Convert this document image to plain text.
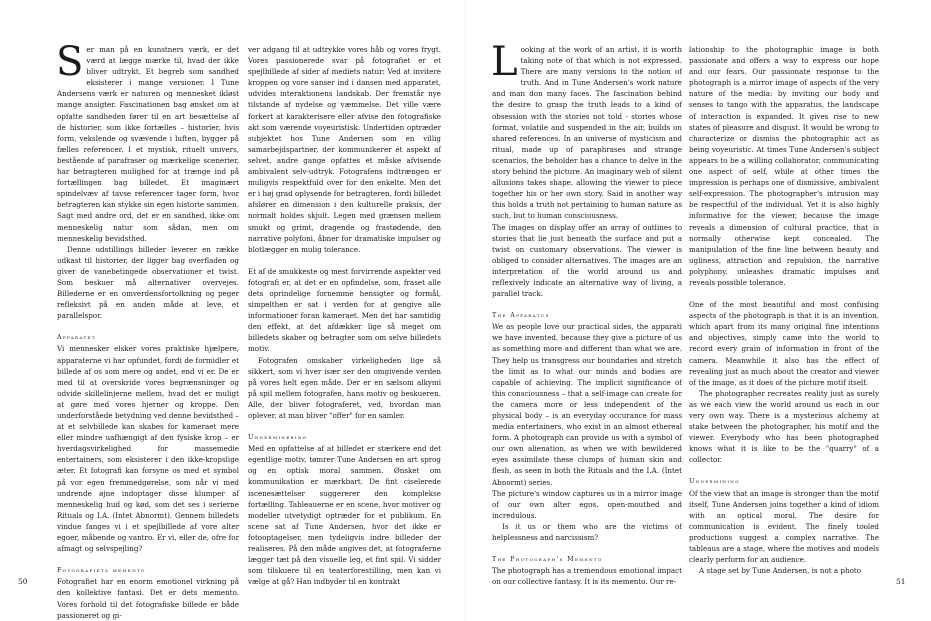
Ser man på en kunstners værk, er det værd at lægge mærke til, hvad der ikke bliver udtrykt. Et begreb som sandhed eksisterer i mange versioner. I Tune Andersens værk er naturen og mennesket ikløst mange ansigter. Fascinationen bag ønsket om at opfatte sandheden fører til en art besættelse af de historier, som ikke fortælles – historier, hvis form, vekslende og svævende i luften, bygger på fælles referencer. I et mystisk, rituelt univers, bestående af parafraser og mærkelige scenerier, har betragteren mulighed for at trænge ind på fortællingen bag billedet. Et imaginært spindelvæv af tavse referencer tager form, hvor betragteren kan stykke sin egen historie sammen. Sagt med andre ord, det er en sandhed, ikke om menneskelig natur som sådan, men om menneskelig bevidsthed.

Denne udstillings billeder leverer en række udkast til historier, der ligger bag overfladen og giver de vanebetingede observationer et twist. Som beskuer må alternativer overvejes. Billederne er en omverdensfortolkning og peger refleksivt på en anden måde at leve, et parallelspor.

Apparatet

Vi mennesker elsker vores praktiske hjælpere, apparaterne vi har opfundet, fordi de formidler et billede af os som mere og andet, end vi er. De er med til at overskride vores begrænsninger og udvide skillelinjerne mellem, hvad det er muligt at gøre med vores hjerner og kroppe. Den underforståede betydning ved denne bevidsthed – at et selvbillede kan skabes for kameraet mere eller mindre uafhængigt af den fysiske krop – er hverdagsvirkelighed for massemedie entertainers, som eksisterer i den ikke-kropslige æter. Et fotografi kan forsyne os med et symbol på vor egen fremmedgørelse, som når vi med undrende øjne indoptager disse klumper af menneskelig hud og kød, som det ses i serierne Rituals og I.A. (Intet Abnormt). Gennem billedets vindue fanges vi i et spejlbillede af vore alter egoer, måbende og vantro. Er vi, eller de, ofre for afmagt og selvspejling?

Fotografiets memento

Fotografiet har en enorm emotionel virkning på den kollektive fantasi. Det er dets memento. Vores forhold til det fotografiske billede er både passioneret og gi-

ver adgang til at udtrykke vores håb og vores frygt. Vores passionerede svar på fotografiet er et spejlbillede af sider af mediets natur: Ved at invitere kroppen og vore sanser ind i dansen med apparatet, udvides interaktionens landskab. Der fremstår nye tilstande af nydelse og væmmelse. Det ville være forkert at karakterisere eller afvise den fotografiske akt som værende voyeuristisk. Undertiden optræder subjektet hos Tune Andersen som en villig samarbejdspartner, der kommunikerer ét aspekt af selvet, andre gange opfattes et måske afvisende ambivalent selv-udtryk. Fotografens indtrængen er muligvis respektfuld over for den enkelte. Men det er i høj grad oplysende for betragteren, fordi billedet afslører en dimension i den kulturelle praksis, der normalt holdes skjult. Legen med grænsen mellem smukt og grimt, dragende og frastødende, den narrative polyfoni, åbner for dramatiske impulser og blotlægger en mulig tolerance.

Et af de smukkeste og mest forvirrende aspekter ved fotografi er, at det er en opfindelse, som, fraset alle dets oprindelige fornemme hensigter og formål, simpelthen er sat i verden for at gengive alle informationer foran kameraet. Men det har samtidig den effekt, at det afdækker lige så meget om billedets skaber og betragter som om selve billedets motiv.

Fotografen omskaber virkeligheden lige så sikkert, som vi hver især ser den omgivende verden på vores helt egen måde. Der er en sælsom alkymi på spil mellem fotografen, hans motiv og beskueren. Alle, der bliver fotograferet, ved, hvordan man oplever, at man bliver "offer" for en samler.

Underminering

Med en opfattelse af at billedet er stærkere end det egentlige motiv, tømrer Tune Andersen en art sprog og en optisk moral sammen. Ønsket om kommunikation er mærkbart. De fint ciselerede iscenesættelser suggererer den komplekse fortælling. Tableauerne er en scene, hvor motiver og modeller utvetydigt optræder for et publikum. En scene sat af Tune Andersen, hvor det ikke er fotooptagelser, men tydeligvis indre billeder der realiseres. På den måde angives det, at fotograferne lægger tæt på den visuelle leg, et fint spil. Vi sidder som tilskuere til en teaterforestilling, men kan vi vælge at gå? Han indbyder til en kontrakt

50

Looking at the work of an artist, it is worth taking note of that which is not expressed. There are many versions to the notion of truth. And in Tune Andersen's work nature and man don many faces. The fascination behind the desire to grasp the truth leads to a kind of obsession with the stories not told - stories whose format, volatile and suspended in the air, builds on shared references. In an universe of mysticism and ritual, made up of paraphrases and strange scenarios, the beholder has a chance to delve in the story behind the picture. An imaginary web of silent allusions takes shape, allowing the viewer to piece together his or her own story. Said in another way this holds a truth not pertaining to human nature as such, but to human consciousness.

The images on display offer an array of outlines to stories that lie just beneath the surface and put a twist on customary observations. The viewer is obliged to consider alternatives. The images are an interpretation of the world around us and reflexively indicate an alternative way of living, a parallel track.

The Apparatus

We as people love our practical sides, the apparati we have invented, because they give a picture of us as something more and different than what we are. They help us transgress our boundaries and stretch the limit as to what our minds and bodies are capable of achieving. The implicit significance of this consciousness – that a self-image can create for the camera more or less independent of the physical body – is an everyday occurance for mass media entertainers, who exist in an almost ethereal form. A photograph can provide us with a symbol of our own alienation, as when we with bewildered eyes assimilate these clumps of human skin and flesh, as seen in both the Rituals and the I.A. (Intet Abnormt) series.

The picture's window captures us in a mirror image of our own alter egos, open-mouthed and incredulous.

Is it us or them who are the victims of helplessness and narcissism?

The Photograph's Memento

The photograph has a tremendous emotional impact on our collective fantasy. It is its memento. Our re-

lationship to the photographic image is both passionate and offers a way to express our hope and our fears. Our passionate response to the photograph is a mirror image of aspects of the very nature of the media: by inviting our body and senses to tango with the apparatus, the landscape of interaction is expanded. It gives rise to new states of pleasure and disgust. It would be wrong to characterize or dismiss the photographic act as being voyeuristic. At times Tune Andersen's subject appears to be a willing collaborator, communicating one aspect of self, while at other times the impression is perhaps one of dismissive, ambivalent self-expression. The photographer's intrusion may be respectful of the individual. Yet it is also highly informative for the viewer, because the image reveals a dimension of cultural practice, that is normally otherwise kept concealed. The manipulation of the fine line between beauty and ugliness, attraction and repulsion, the narrative polyphony, unleashes dramatic impulses and reveals possible tolerance.

One of the most beautiful and most confusing aspects of the photograph is that it is an invention, which apart from its many original fine intentions and objectives, simply came into the world to record every grain of information in front of the camera. Meanwhile it also has the effect of revealing just as much about the creator and viewer of the image, as it does of the picture motif itself.

The photographer recreates reality just as surely as we each view the world around us each in our very own way. There is a mysterious alchemy at stake between the photographer, his motif and the viewer. Everybody who has been photographed knows what it is like to be the "quarry" of a collector.

Undermining

Of the view that an image is stronger than the motif itself, Tune Andersen joins together a kind of idiom with an optical moral. The desire for communication is evident. The finely tooled productions suggest a complex narrative. The tableaus are a stage, where the motives and models clearly perform for an audience.

A stage set by Tune Andersen, is not a photo

51
